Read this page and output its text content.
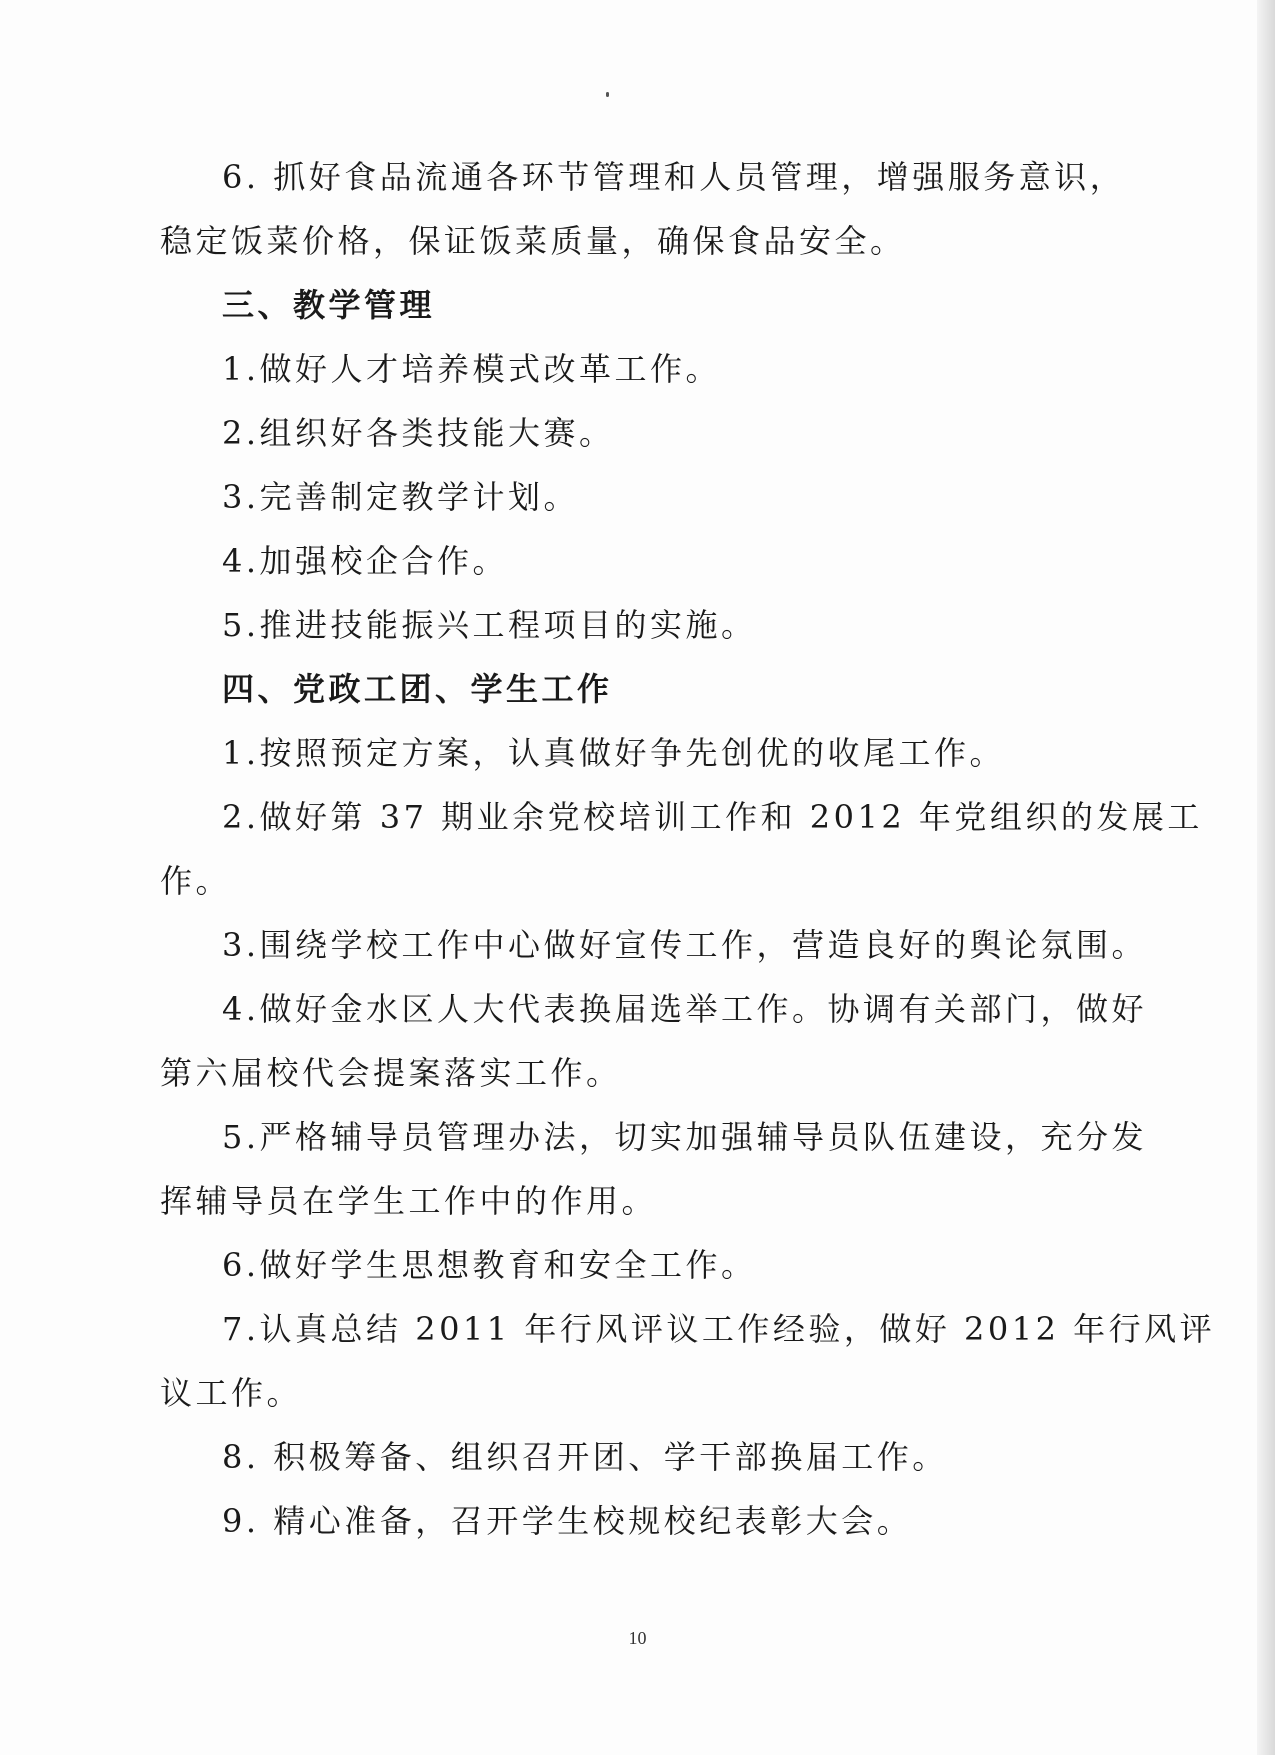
6. 抓好食品流通各环节管理和人员管理，增强服务意识，
稳定饭菜价格，保证饭菜质量，确保食品安全。
三、教学管理
1.做好人才培养模式改革工作。
2.组织好各类技能大赛。
3.完善制定教学计划。
4.加强校企合作。
5.推进技能振兴工程项目的实施。
四、党政工团、学生工作
1.按照预定方案，认真做好争先创优的收尾工作。
2.做好第 37 期业余党校培训工作和 2012 年党组织的发展工
作。
3.围绕学校工作中心做好宣传工作，营造良好的舆论氛围。
4.做好金水区人大代表换届选举工作。协调有关部门，做好
第六届校代会提案落实工作。
5.严格辅导员管理办法，切实加强辅导员队伍建设，充分发
挥辅导员在学生工作中的作用。
6.做好学生思想教育和安全工作。
7.认真总结 2011 年行风评议工作经验，做好 2012 年行风评
议工作。
8. 积极筹备、组织召开团、学干部换届工作。
9. 精心准备，召开学生校规校纪表彰大会。
10
